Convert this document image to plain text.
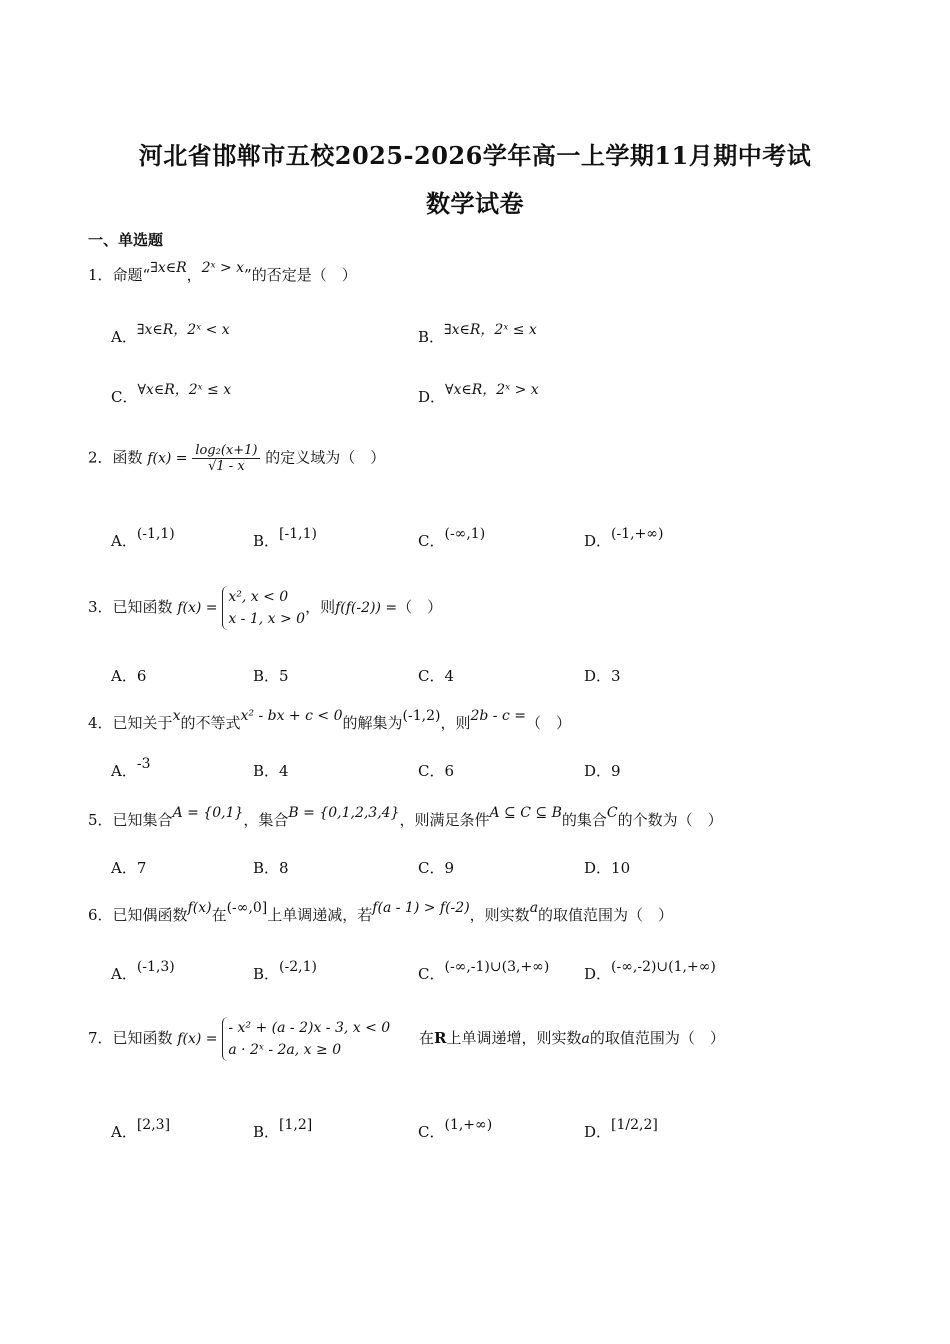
河北省邯郸市五校2025-2026学年高一上学期11月期中考试
数学试卷
一、单选题
1．命题“∃x∈R，2ˣ > x”的否定是（　）
A．∃x∈R，2ˣ < x	B．∃x∈R，2ˣ ≤ x
C．∀x∈R，2ˣ ≤ x	D．∀x∈R，2ˣ > x
2．函数 $f(x) = \frac{\text{log₂(x+1)}}{√1 - x}$ 的定义域为（　）
A．(-1,1)	B．[-1,1)	C．(-∞,1)	D．(-1,+∞)
3．已知函数 f(x) =
x², x < 0
x - 1, x > 0
，则f(f(-2)) =（　）
A．6	B．5	C．4	D．3
4．已知关于x的不等式x² - bx + c < 0的解集为(-1,2)，则2b - c =（　）
A．-3	B．4	C．6	D．9
5．已知集合A = {0,1}，集合B = {0,1,2,3,4}，则满足条件A ⊆ C ⊆ B的集合C的个数为（　）
A．7	B．8	C．9	D．10
6．已知偶函数f(x)在(-∞,0]上单调递减，若f(a - 1) > f(-2)，则实数a的取值范围为（　）
A．(-1,3)	B．(-2,1)	C．(-∞,-1)∪(3,+∞) D．(-∞,-2)∪(1,+∞)
7．已知函数 f(x) =
- x² + (a - 2)x - 3, x < 0
a · 2ˣ - 2a, x ≥ 0
在R上单调递增，则实数a的取值范围为（　）
A．[2,3]	B．[1,2]	C．(1,+∞)	D．[1/2,2]
